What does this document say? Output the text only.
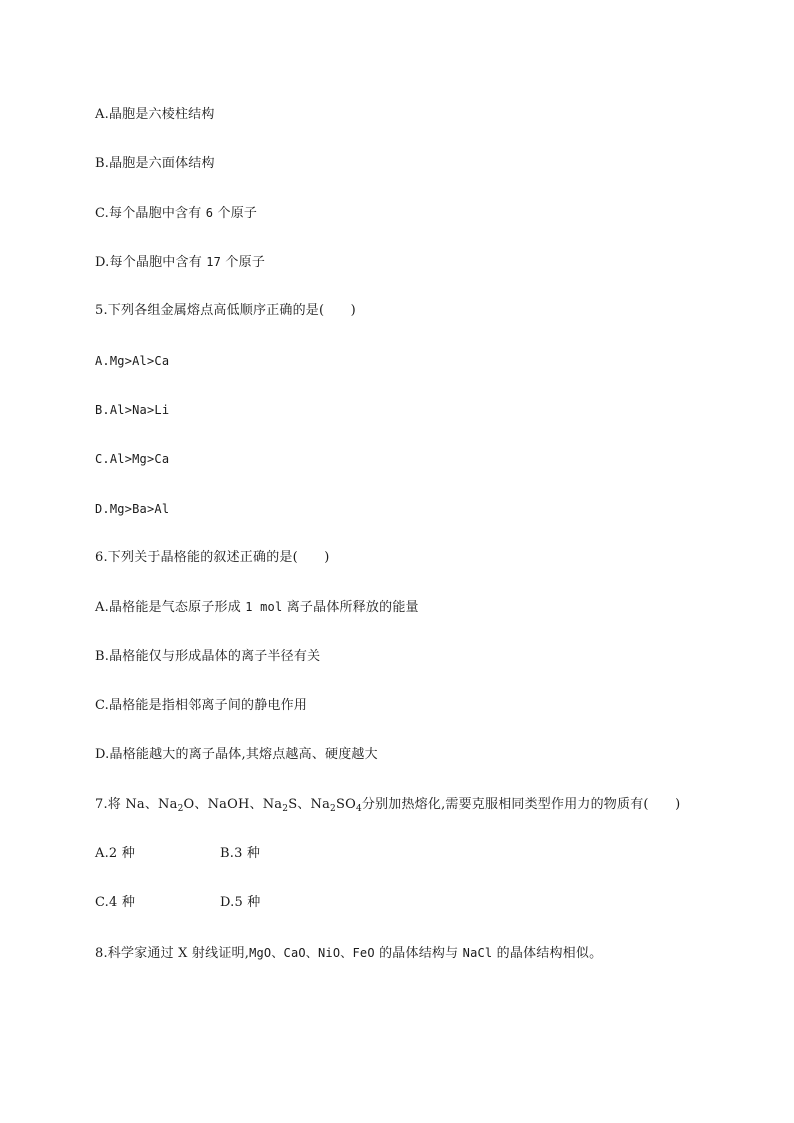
A.晶胞是六棱柱结构
B.晶胞是六面体结构
C.每个晶胞中含有 6 个原子
D.每个晶胞中含有 17 个原子
5.下列各组金属熔点高低顺序正确的是(　　)
A.Mg>Al>Ca
B.Al>Na>Li
C.Al>Mg>Ca
D.Mg>Ba>Al
6.下列关于晶格能的叙述正确的是(　　)
A.晶格能是气态原子形成 1 mol 离子晶体所释放的能量
B.晶格能仅与形成晶体的离子半径有关
C.晶格能是指相邻离子间的静电作用
D.晶格能越大的离子晶体,其熔点越高、硬度越大
7.将 Na、$Na_2O$、NaOH、$Na_2S$、$Na_2SO_4$分别加热熔化,需要克服相同类型作用力的物质有(　　)
A.2 种	B.3 种
C.4 种	D.5 种
8.科学家通过 X 射线证明,MgO、CaO、NiO、FeO 的晶体结构与 NaCl 的晶体结构相似。
